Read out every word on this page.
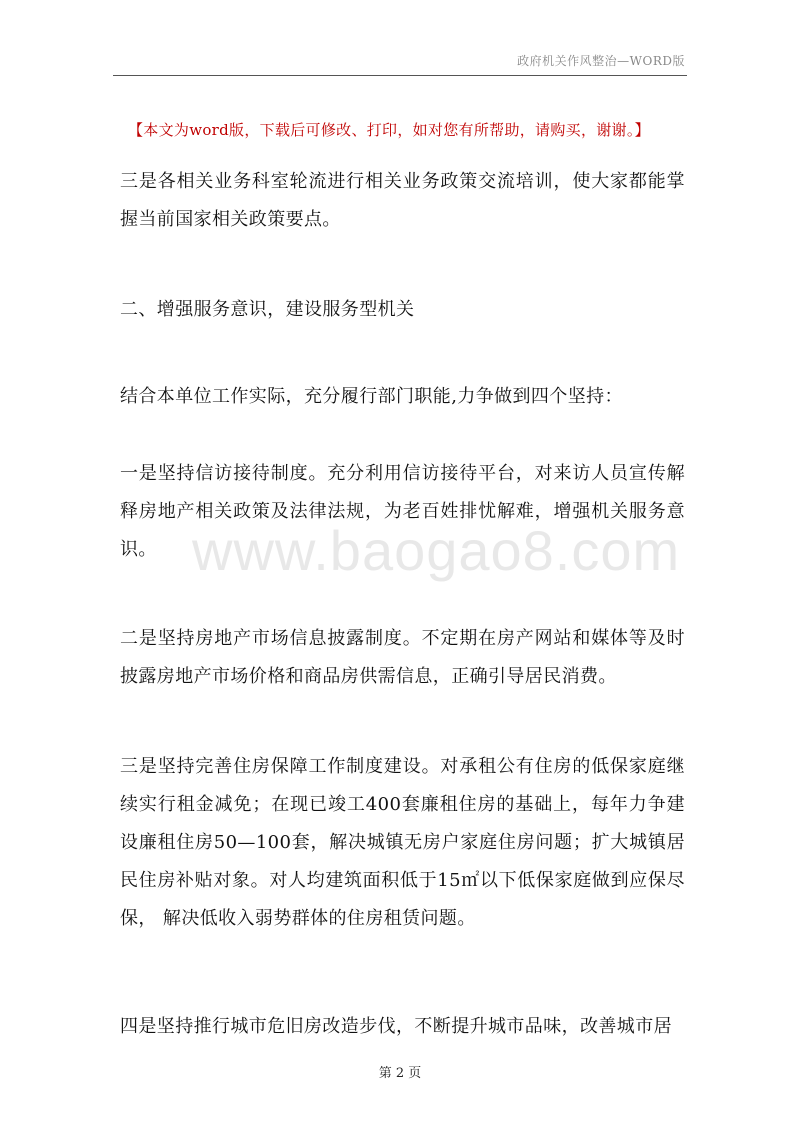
政府机关作风整治—WORD版
【本文为word版，下载后可修改、打印，如对您有所帮助，请购买，谢谢。】
三是各相关业务科室轮流进行相关业务政策交流培训，使大家都能掌握当前国家相关政策要点。
二、增强服务意识，建设服务型机关
结合本单位工作实际，充分履行部门职能,力争做到四个坚持：
一是坚持信访接待制度。充分利用信访接待平台，对来访人员宣传解释房地产相关政策及法律法规，为老百姓排忧解难，增强机关服务意识。
二是坚持房地产市场信息披露制度。不定期在房产网站和媒体等及时披露房地产市场价格和商品房供需信息，正确引导居民消费。
三是坚持完善住房保障工作制度建设。对承租公有住房的低保家庭继续实行租金减免；在现已竣工400套廉租住房的基础上，每年力争建设廉租住房50—100套，解决城镇无房户家庭住房问题；扩大城镇居民住房补贴对象。对人均建筑面积低于15㎡以下低保家庭做到应保尽保， 解决低收入弱势群体的住房租赁问题。
四是坚持推行城市危旧房改造步伐，不断提升城市品味，改善城市居
www.baogao8.com
第 2 页
